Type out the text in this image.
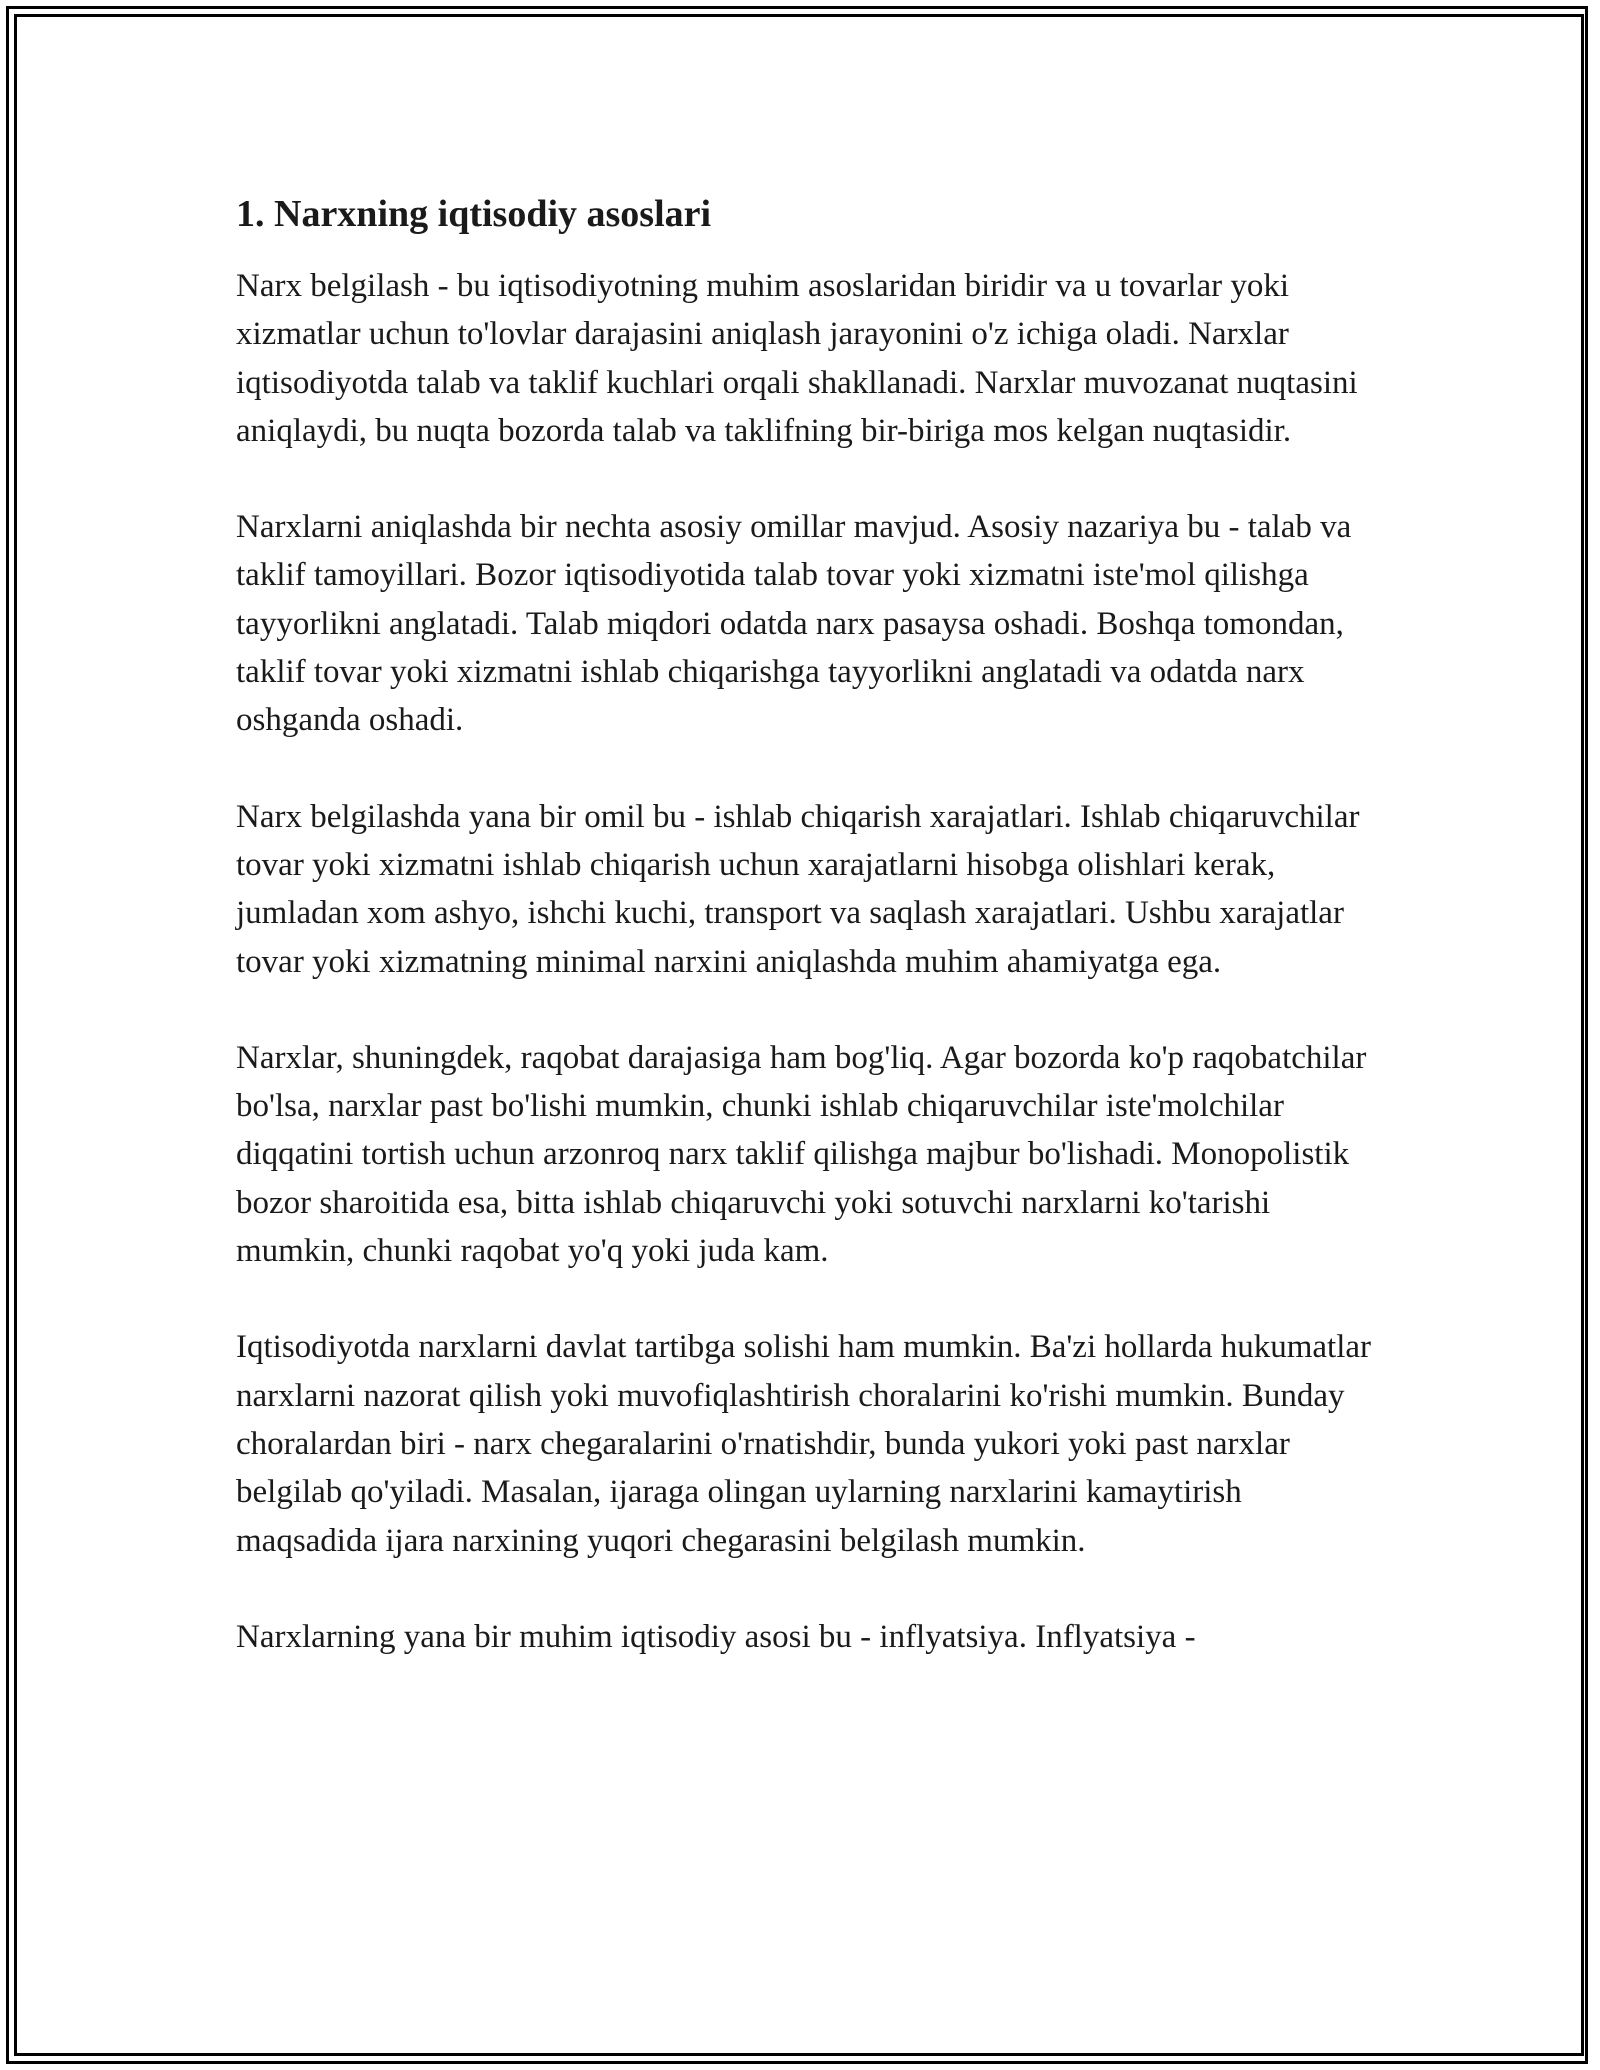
1. Narxning iqtisodiy asoslari

Narx belgilash - bu iqtisodiyotning muhim asoslaridan biridir va u tovarlar yoki xizmatlar uchun to'lovlar darajasini aniqlash jarayonini o'z ichiga oladi. Narxlar iqtisodiyotda talab va taklif kuchlari orqali shakllanadi. Narxlar muvozanat nuqtasini aniqlaydi, bu nuqta bozorda talab va taklifning bir-biriga mos kelgan nuqtasidir.

Narxlarni aniqlashda bir nechta asosiy omillar mavjud. Asosiy nazariya bu - talab va taklif tamoyillari. Bozor iqtisodiyotida talab tovar yoki xizmatni iste'mol qilishga tayyorlikni anglatadi. Talab miqdori odatda narx pasaysa oshadi. Boshqa tomondan, taklif tovar yoki xizmatni ishlab chiqarishga tayyorlikni anglatadi va odatda narx oshganda oshadi.

Narx belgilashda yana bir omil bu - ishlab chiqarish xarajatlari. Ishlab chiqaruvchilar tovar yoki xizmatni ishlab chiqarish uchun xarajatlarni hisobga olishlari kerak, jumladan xom ashyo, ishchi kuchi, transport va saqlash xarajatlari. Ushbu xarajatlar tovar yoki xizmatning minimal narxini aniqlashda muhim ahamiyatga ega.

Narxlar, shuningdek, raqobat darajasiga ham bog'liq. Agar bozorda ko'p raqobatchilar bo'lsa, narxlar past bo'lishi mumkin, chunki ishlab chiqaruvchilar iste'molchilar diqqatini tortish uchun arzonroq narx taklif qilishga majbur bo'lishadi. Monopolistik bozor sharoitida esa, bitta ishlab chiqaruvchi yoki sotuvchi narxlarni ko'tarishi mumkin, chunki raqobat yo'q yoki juda kam.

Iqtisodiyotda narxlarni davlat tartibga solishi ham mumkin. Ba'zi hollarda hukumatlar narxlarni nazorat qilish yoki muvofiqlashtirish choralarini ko'rishi mumkin. Bunday choralardan biri - narx chegaralarini o'rnatishdir, bunda yukori yoki past narxlar belgilab qo'yiladi. Masalan, ijaraga olingan uylarning narxlarini kamaytirish maqsadida ijara narxining yuqori chegarasini belgilash mumkin.

Narxlarning yana bir muhim iqtisodiy asosi bu - inflyatsiya. Inflyatsiya -
